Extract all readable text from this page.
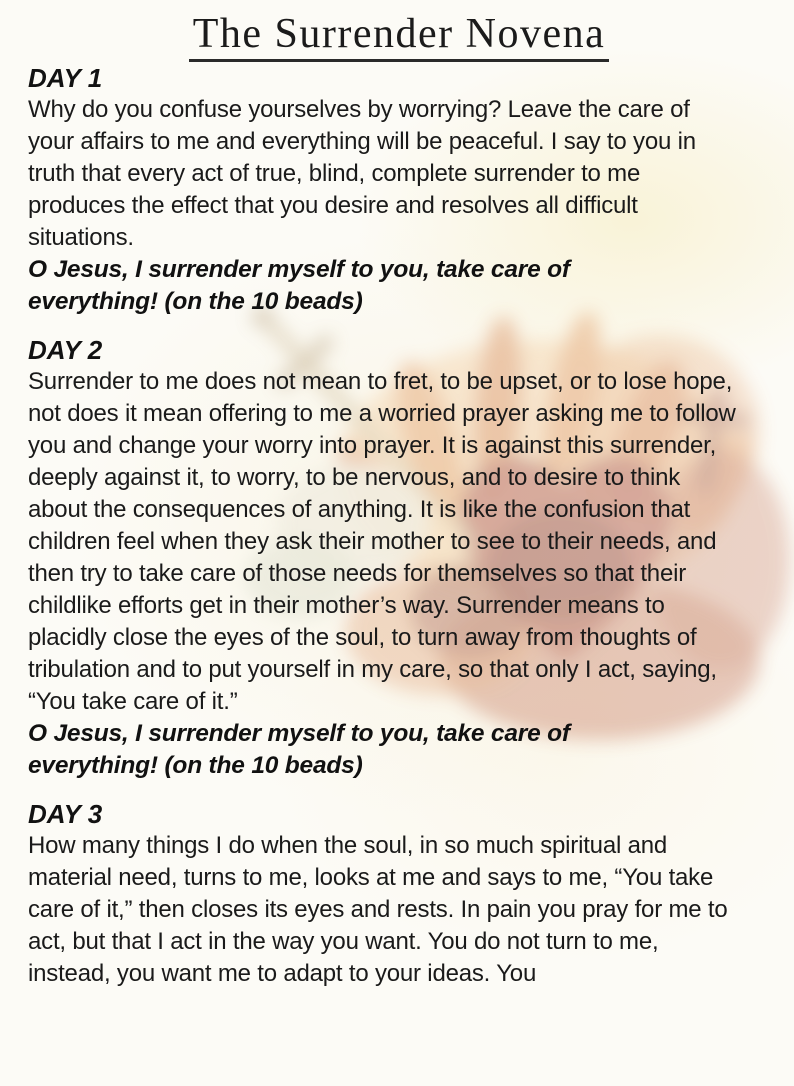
The Surrender Novena
DAY 1

Why do you confuse yourselves by worrying? Leave the care of your affairs to me and everything will be peaceful. I say to you in truth that every act of true, blind, complete surrender to me produces the effect that you desire and resolves all difficult situations.

O Jesus, I surrender myself to you, take care of everything! (on the 10 beads)

DAY 2

Surrender to me does not mean to fret, to be upset, or to lose hope, not does it mean offering to me a worried prayer asking me to follow you and change your worry into prayer. It is against this surrender, deeply against it, to worry, to be nervous, and to desire to think about the consequences of anything. It is like the confusion that children feel when they ask their mother to see to their needs, and then try to take care of those needs for themselves so that their childlike efforts get in their mother’s way. Surrender means to placidly close the eyes of the soul, to turn away from thoughts of tribulation and to put yourself in my care, so that only I act, saying, “You take care of it.”

O Jesus, I surrender myself to you, take care of everything! (on the 10 beads)

DAY 3

How many things I do when the soul, in so much spiritual and material need, turns to me, looks at me and says to me, “You take care of it,” then closes its eyes and rests. In pain you pray for me to act, but that I act in the way you want. You do not turn to me, instead, you want me to adapt to your ideas. You
